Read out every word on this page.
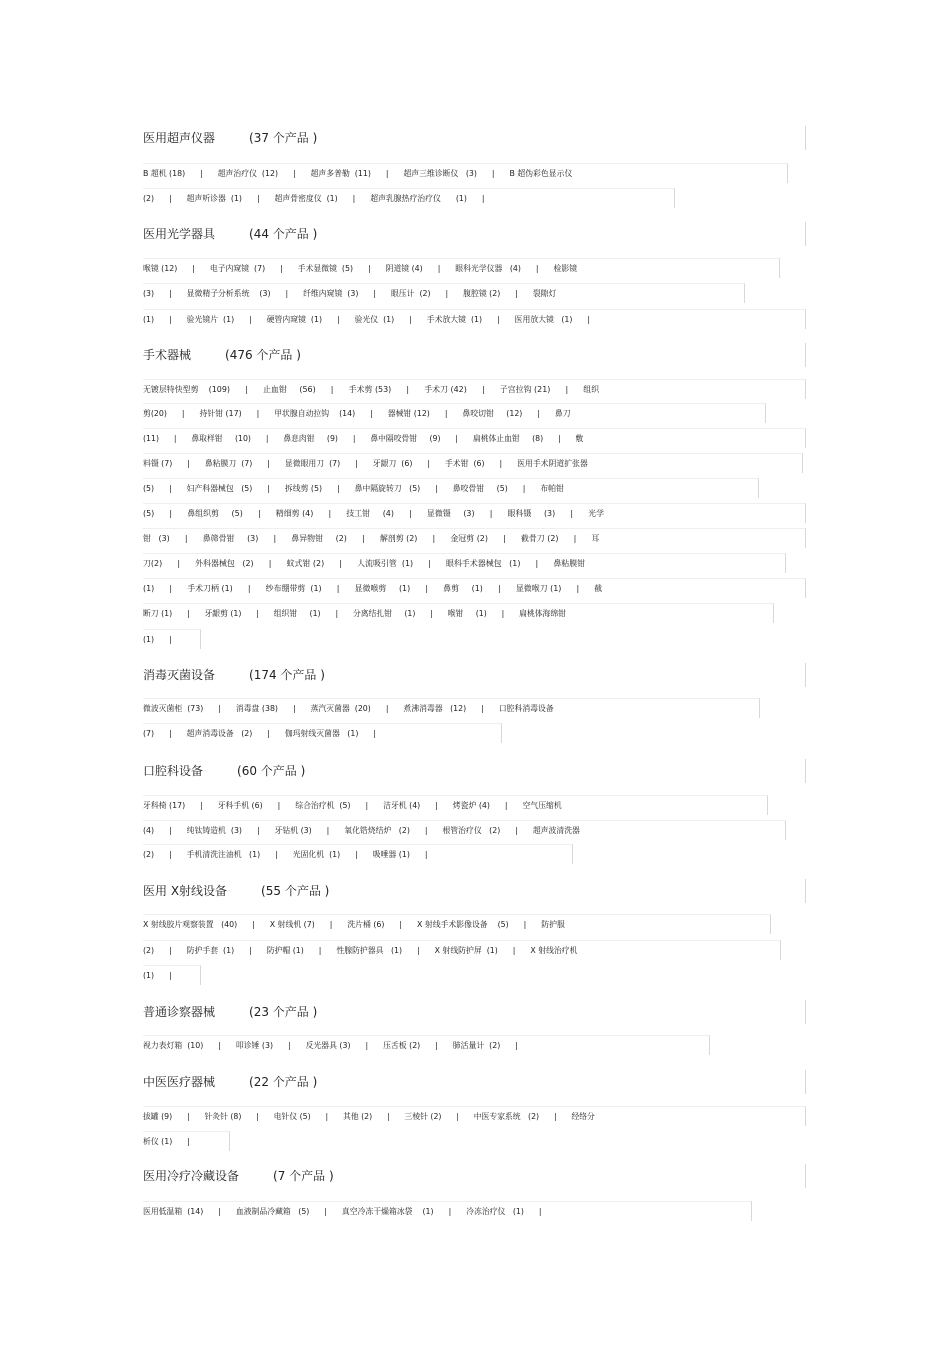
医用超声仪器	(37 个产品 )
B 超机 (18)      |      超声治疗仪  (12)      |      超声多普勒  (11)      |      超声三维诊断仪   (3)      |      B 超伪彩色显示仪
(2)      |      超声听诊器  (1)      |      超声骨密度仪  (1)      |      超声乳腺热疗治疗仪      (1)      |
医用光学器具	(44 个产品 )
喉镜 (12)      |      电子内窥镜  (7)      |      手术显微镜  (5)      |      阴道镜 (4)      |      眼科光学仪器   (4)      |      检影镜
(3)      |      显微精子分析系统    (3)      |      纤维内窥镜  (3)      |      眼压计  (2)      |      腹腔镜 (2)      |      裂隙灯
(1)      |      验光镜片  (1)      |      硬管内窥镜  (1)      |      验光仪  (1)      |      手术放大镜  (1)      |      医用放大镜   (1)      |
手术器械	(476 个产品 )
无镀层特快型剪    (109)      |      止血钳     (56)      |      手术剪 (53)      |      手术刀 (42)      |      子宫拉钩 (21)      |      组织
剪(20)      |      持针钳 (17)      |      甲状腺自动拉钩    (14)      |      器械钳 (12)      |      鼻咬切钳     (12)      |      鼻刀
(11)      |      鼻取样钳     (10)      |      鼻息肉钳     (9)      |      鼻中隔咬骨钳     (9)      |      扁桃体止血钳     (8)      |      敷
料镊 (7)      |      鼻粘膜刀  (7)      |      显微眼用刀  (7)      |      牙龈刀  (6)      |      手术钳  (6)      |      医用手术阴道扩张器
(5)      |      妇产科器械包   (5)      |      拆线剪 (5)      |      鼻中隔旋转刀   (5)      |      鼻咬骨钳     (5)      |      布帕钳
(5)      |      鼻组织剪     (5)      |      精细剪 (4)      |      技工钳     (4)      |      显微镊     (3)      |      眼科镊     (3)      |      光学
钳   (3)      |      鼻筛骨钳     (3)      |      鼻异物钳     (2)      |      解剖剪 (2)      |      金冠剪 (2)      |      截骨刀 (2)      |      耳
刀(2)      |      外科器械包   (2)      |      蚊式钳 (2)      |      人流吸引管  (1)      |      眼科手术器械包   (1)      |      鼻粘膜钳
(1)      |      手术刀柄 (1)      |      纱布绷带剪  (1)      |      显微喉剪     (1)      |      鼻剪     (1)      |      显微喉刀 (1)      |      截
断刀 (1)      |      牙龈剪 (1)      |      组织钳     (1)      |      分离结扎钳     (1)      |      喉钳     (1)      |      扁桃体海绵钳
(1)      |
消毒灭菌设备	(174 个产品 )
微波灭菌柜  (73)      |      消毒盘 (38)      |      蒸汽灭菌器  (20)      |      煮沸消毒器   (12)      |      口腔科消毒设备
(7)      |      超声消毒设备   (2)      |      伽玛射线灭菌器   (1)      |
口腔科设备	(60 个产品 )
牙科椅 (17)      |      牙科手机 (6)      |      综合治疗机  (5)      |      洁牙机 (4)      |      烤瓷炉 (4)      |      空气压缩机
(4)      |      纯钛铸造机  (3)      |      牙钻机 (3)      |      氧化锆烧结炉   (2)      |      根管治疗仪   (2)      |      超声波清洗器
(2)      |      手机清洗注油机   (1)      |      光固化机  (1)      |      吸唾器 (1)      |
医用 X射线设备	(55 个产品 )
X 射线胶片观察装置   (40)      |      X 射线机 (7)      |      洗片桶 (6)      |      X 射线手术影像设备    (5)      |      防护服
(2)      |      防护手套  (1)      |      防护帽 (1)      |      性腺防护器具   (1)      |      X 射线防护屏  (1)      |      X 射线治疗机
(1)      |
普通诊察器械	(23 个产品 )
视力表灯箱  (10)      |      叩诊锤 (3)      |      反光器具 (3)      |      压舌板 (2)      |      肺活量计  (2)      |
中医医疗器械	(22 个产品 )
拔罐 (9)      |      针灸针 (8)      |      电针仪 (5)      |      其他 (2)      |      三棱针 (2)      |      中医专家系统   (2)      |      经络分
析仪 (1)      |
医用冷疗冷藏设备	(7 个产品 )
医用低温箱  (14)      |      血液制品冷藏箱   (5)      |      真空冷冻干燥箱冰袋    (1)      |      冷冻治疗仪   (1)      |
